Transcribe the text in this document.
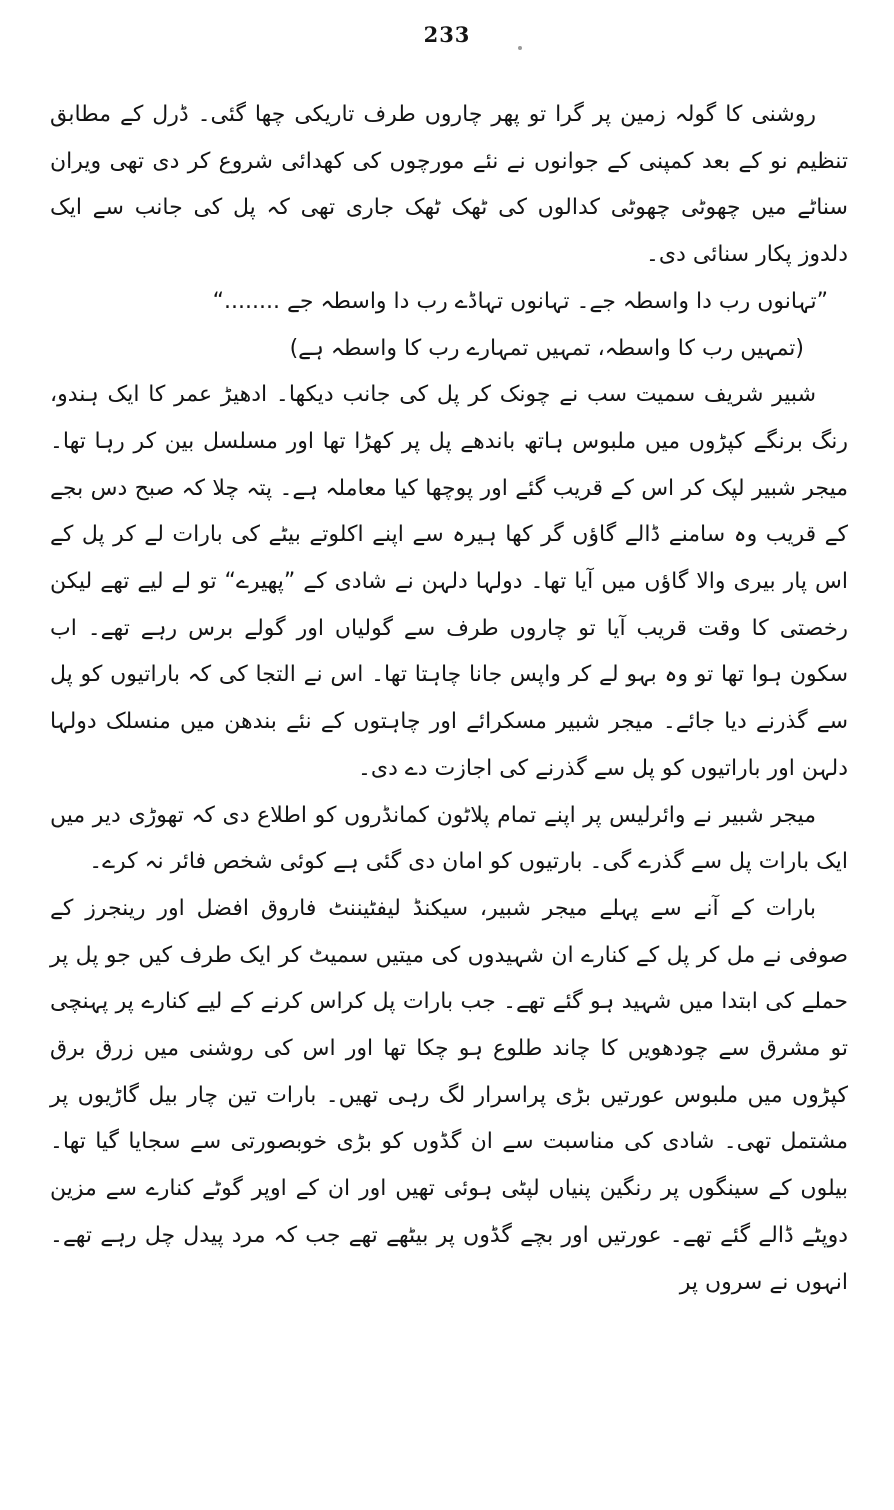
233

روشنی کا گولہ زمین پر گرا تو پھر چاروں طرف تاریکی چھا گئی۔ ڈرل کے مطابق تنظیم نو کے بعد کمپنی کے جوانوں نے نئے مورچوں کی کھدائی شروع کر دی تھی ویران سناٹے میں چھوٹی چھوٹی کدالوں کی ٹھک ٹھک جاری تھی کہ پل کی جانب سے ایک دلدوز پکار سنائی دی۔

”تہانوں رب دا واسطہ جے۔ تہانوں تہاڈے رب دا واسطہ جے ........“

(تمہیں رب کا واسطہ، تمہیں تمہارے رب کا واسطہ ہے)

شبیر شریف سمیت سب نے چونک کر پل کی جانب دیکھا۔ ادھیڑ عمر کا ایک ہندو، رنگ برنگے کپڑوں میں ملبوس ہاتھ باندھے پل پر کھڑا تھا اور مسلسل بین کر رہا تھا۔ میجر شبیر لپک کر اس کے قریب گئے اور پوچھا کیا معاملہ ہے۔ پتہ چلا کہ صبح دس بجے کے قریب وہ سامنے ڈالے گاؤں گر کھا ہیرہ سے اپنے اکلوتے بیٹے کی بارات لے کر پل کے اس پار بیری والا گاؤں میں آیا تھا۔ دولہا دلہن نے شادی کے ”پھیرے“ تو لے لیے تھے لیکن رخصتی کا وقت قریب آیا تو چاروں طرف سے گولیاں اور گولے برس رہے تھے۔ اب سکون ہوا تھا تو وہ بہو لے کر واپس جانا چاہتا تھا۔ اس نے التجا کی کہ باراتیوں کو پل سے گذرنے دیا جائے۔ میجر شبیر مسکرائے اور چاہتوں کے نئے بندھن میں منسلک دولہا دلہن اور باراتیوں کو پل سے گذرنے کی اجازت دے دی۔

میجر شبیر نے وائرلیس پر اپنے تمام پلاٹون کمانڈروں کو اطلاع دی کہ تھوڑی دیر میں ایک بارات پل سے گذرے گی۔ بارتیوں کو امان دی گئی ہے کوئی شخص فائر نہ کرے۔

بارات کے آنے سے پہلے میجر شبیر، سیکنڈ لیفٹیننٹ فاروق افضل اور رینجرز کے صوفی نے مل کر پل کے کنارے ان شہیدوں کی میتیں سمیٹ کر ایک طرف کیں جو پل پر حملے کی ابتدا میں شہید ہو گئے تھے۔ جب بارات پل کراس کرنے کے لیے کنارے پر پہنچی تو مشرق سے چودھویں کا چاند طلوع ہو چکا تھا اور اس کی روشنی میں زرق برق کپڑوں میں ملبوس عورتیں بڑی پراسرار لگ رہی تھیں۔ بارات تین چار بیل گاڑیوں پر مشتمل تھی۔ شادی کی مناسبت سے ان گڈوں کو بڑی خوبصورتی سے سجایا گیا تھا۔ بیلوں کے سینگوں پر رنگین پنیاں لپٹی ہوئی تھیں اور ان کے اوپر گوٹے کنارے سے مزین دوپٹے ڈالے گئے تھے۔ عورتیں اور بچے گڈوں پر بیٹھے تھے جب کہ مرد پیدل چل رہے تھے۔ انہوں نے سروں پر
